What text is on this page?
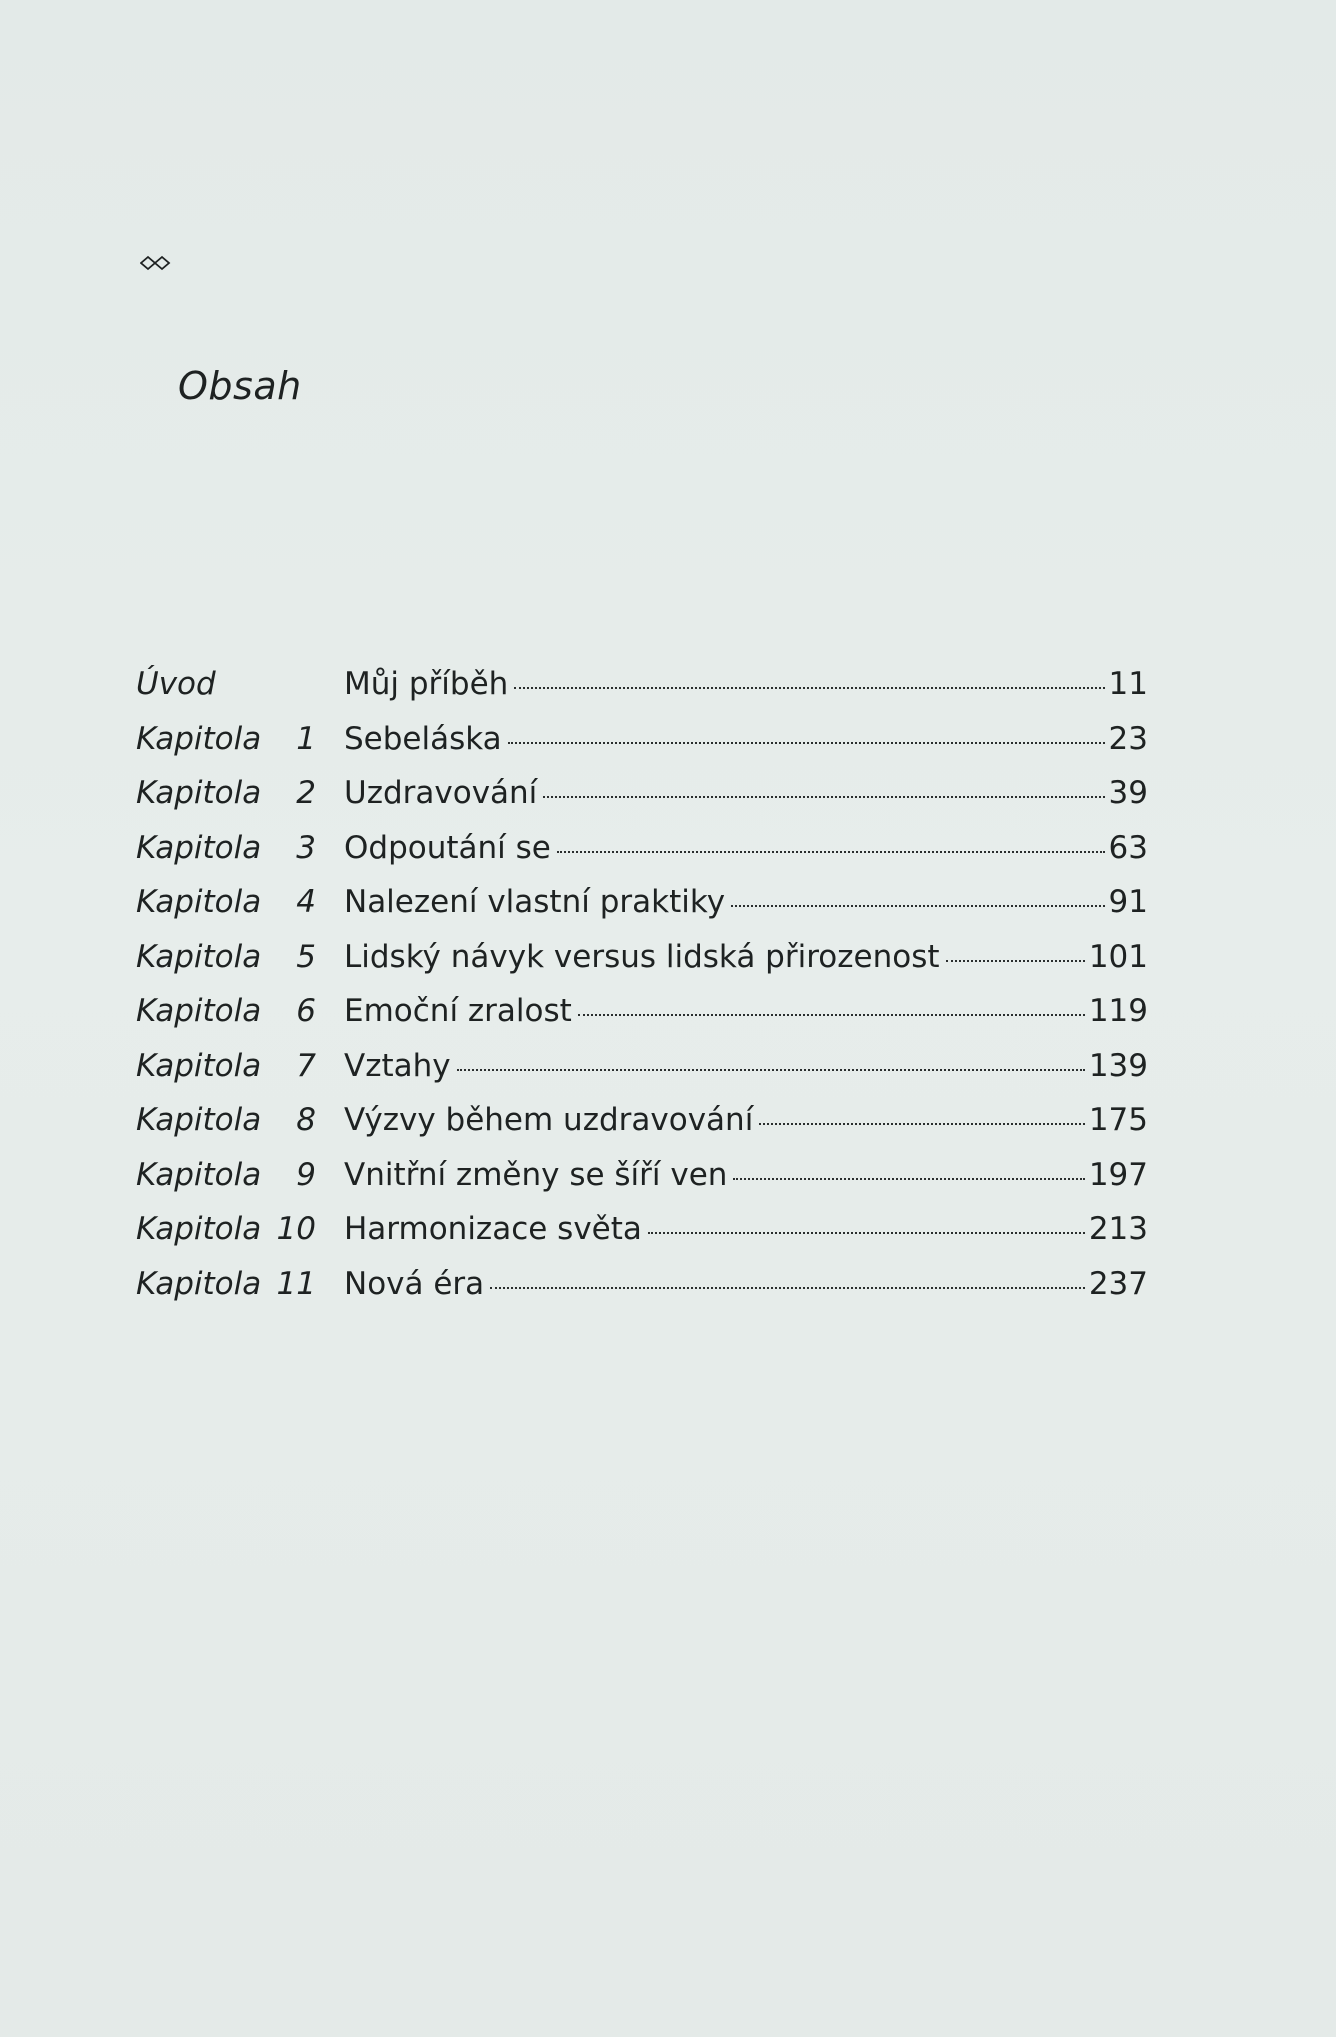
Obsah
Úvod	Můj příběh	11
Kapitola	1 Sebeláska	23
Kapitola	2 Uzdravování	39
Kapitola	3 Odpoutání se	63
Kapitola	4 Nalezení vlastní praktiky	91
Kapitola	5 Lidský návyk versus lidská přirozenost	101
Kapitola	6 Emoční zralost	119
Kapitola	7 Vztahy	139
Kapitola	8 Výzvy během uzdravování	175
Kapitola	9 Vnitřní změny se šíří ven	197
Kapitola 10 Harmonizace světa	213
Kapitola 11 Nová éra	237
